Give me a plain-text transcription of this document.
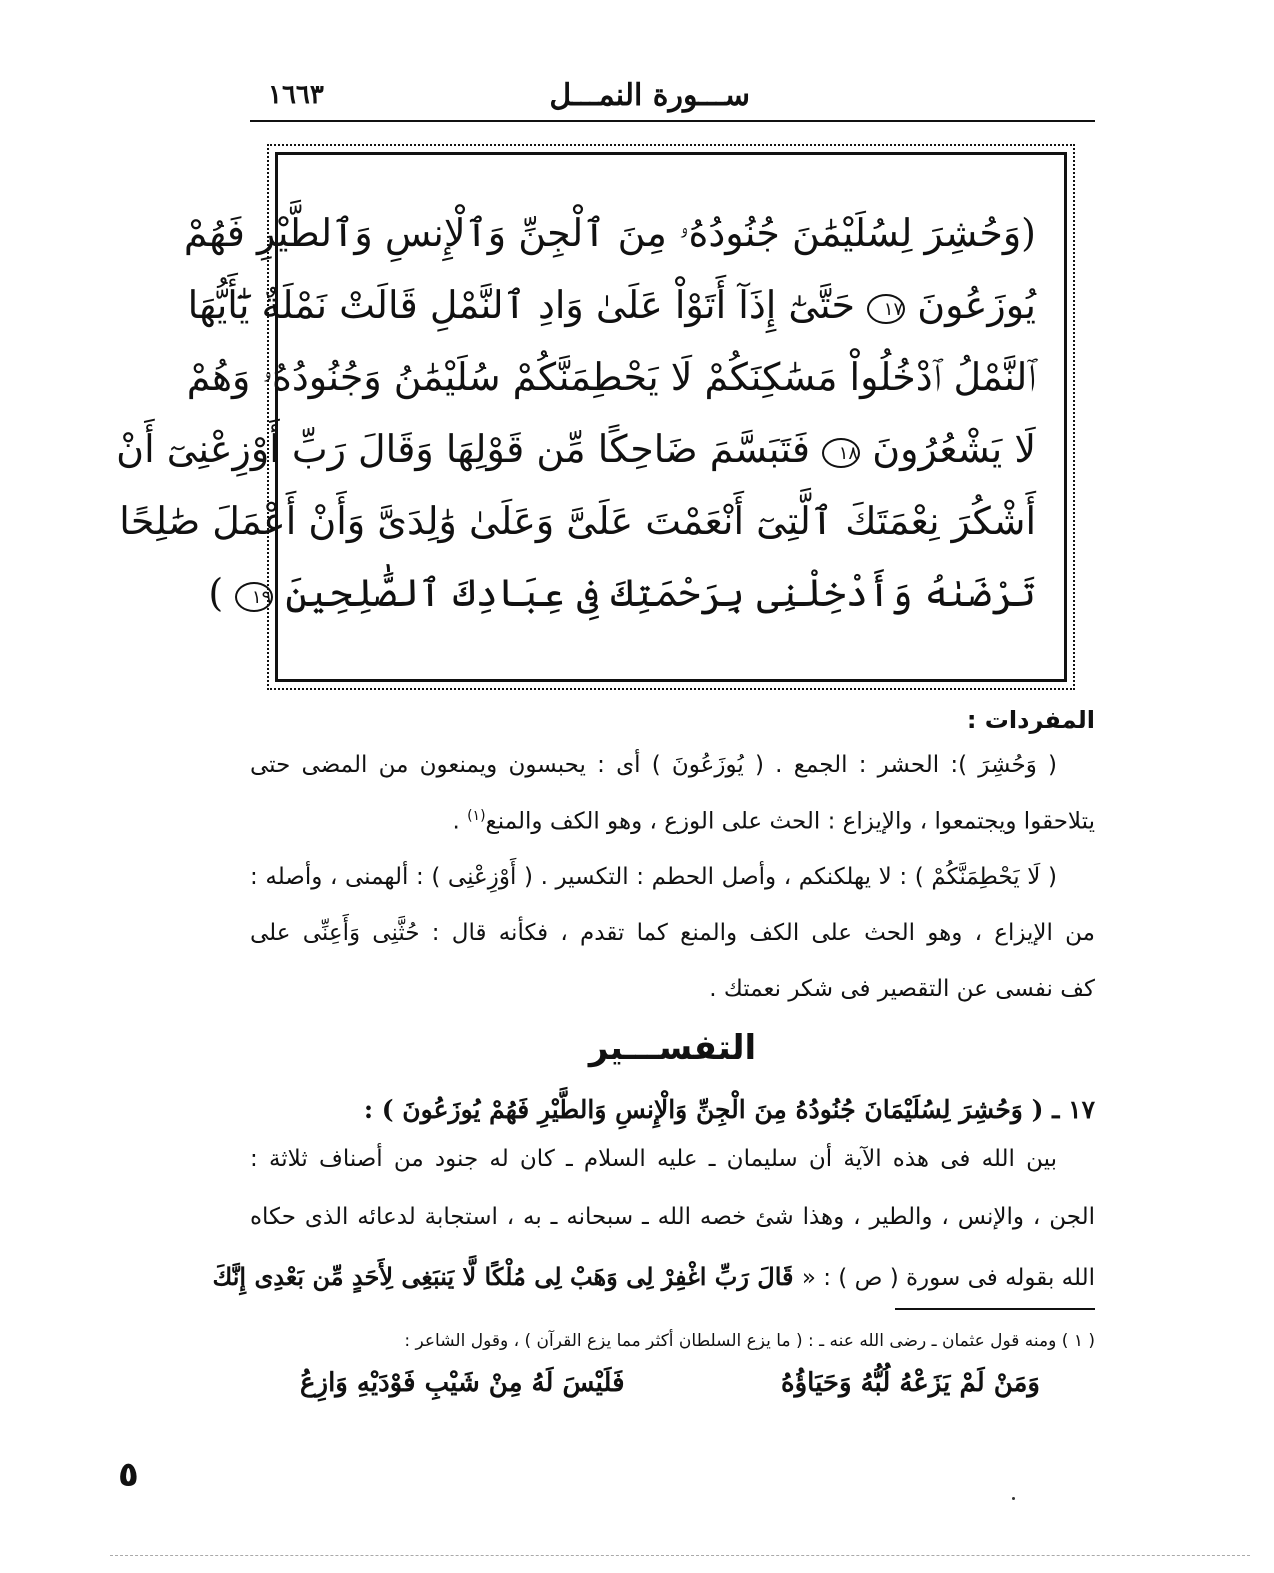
ســـورة النمـــل
١٦٦٣
(وَحُشِرَ لِسُلَيْمَٰنَ جُنُودُهُۥ مِنَ ٱلْجِنِّ وَٱلْإِنسِ وَٱلطَّيْرِ فَهُمْ
يُوزَعُونَ ١٧ حَتَّىٰٓ إِذَآ أَتَوْاْ عَلَىٰ وَادِ ٱلنَّمْلِ قَالَتْ نَمْلَةٌ يَٰٓأَيُّهَا
ٱلنَّمْلُ ٱدْخُلُواْ مَسَٰكِنَكُمْ لَا يَحْطِمَنَّكُمْ سُلَيْمَٰنُ وَجُنُودُهُۥ وَهُمْ
لَا يَشْعُرُونَ ١٨ فَتَبَسَّمَ ضَاحِكًا مِّن قَوْلِهَا وَقَالَ رَبِّ أَوْزِعْنِىٓ أَنْ
أَشْكُرَ نِعْمَتَكَ ٱلَّتِىٓ أَنْعَمْتَ عَلَىَّ وَعَلَىٰ وَٰلِدَىَّ وَأَنْ أَعْمَلَ صَٰلِحًا
تَرْضَىٰهُ وَأَدْخِلْنِى بِرَحْمَتِكَ فِى عِبَادِكَ ٱلصَّٰلِحِينَ ١٩ )
المفردات :
( وَحُشِرَ ): الحشر : الجمع . ( يُوزَعُونَ ) أى : يحبسون ويمنعون من المضى حتى
يتلاحقوا ويجتمعوا ، والإيزاع : الحث على الوزع ، وهو الكف والمنع$^{(١)}$ .
( لَا يَحْطِمَنَّكُمْ ) : لا يهلكنكم ، وأصل الحطم : التكسير . ( أَوْزِعْنِى ) : ألهمنى ، وأصله :
من الإيزاع ، وهو الحث على الكف والمنع كما تقدم ، فكأنه قال : حُثَّنِى وَأَعِنِّى على
كف نفسى عن التقصير فى شكر نعمتك .
التفســـير
١٧ ـ ( وَحُشِرَ لِسُلَيْمَانَ جُنُودُهُ مِنَ الْجِنِّ وَالْإِنسِ وَالطَّيْرِ فَهُمْ يُوزَعُونَ ) :
بين الله فى هذه الآية أن سليمان ـ عليه السلام ـ كان له جنود من أصناف ثلاثة :
الجن ، والإنس ، والطير ، وهذا شئ خصه الله ـ سبحانه ـ به ، استجابة لدعائه الذى حكاه
الله بقوله فى سورة ( ص ) : « قَالَ رَبِّ اغْفِرْ لِى وَهَبْ لِى مُلْكًا لَّا يَنبَغِى لِأَحَدٍ مِّن بَعْدِى إِنَّكَ
( ١ ) ومنه قول عثمان ـ رضى الله عنه ـ : ( ما يزع السلطان أكثر مما يزع القرآن ) ، وقول الشاعر :
وَمَنْ لَمْ يَزَعْهُ لُبُّهُ وَحَيَاؤُهُ
فَلَيْسَ لَهُ مِنْ شَيْبِ فَوْدَيْهِ وَازِعُ
٥
